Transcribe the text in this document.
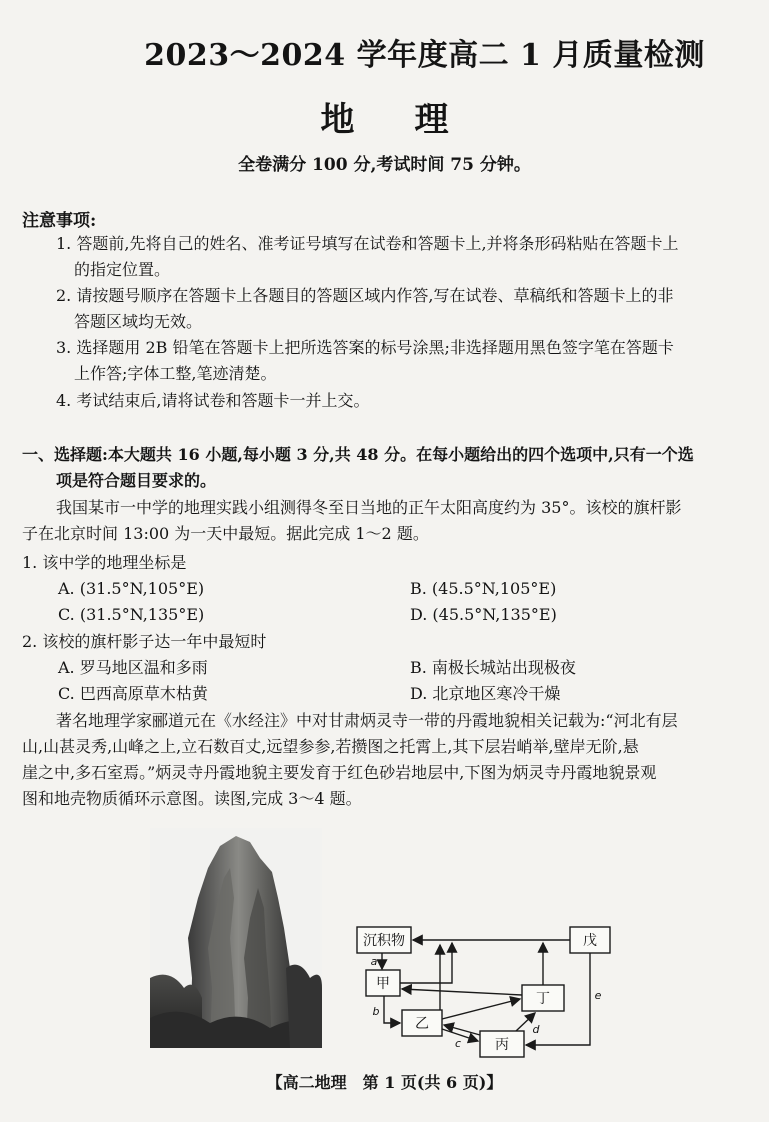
2023～2024 学年度高二 1 月质量检测
地理
全卷满分 100 分,考试时间 75 分钟。
注意事项:
1. 答题前,先将自己的姓名、准考证号填写在试卷和答题卡上,并将条形码粘贴在答题卡上
的指定位置。
2. 请按题号顺序在答题卡上各题目的答题区域内作答,写在试卷、草稿纸和答题卡上的非
答题区域均无效。
3. 选择题用 2B 铅笔在答题卡上把所选答案的标号涂黑;非选择题用黑色签字笔在答题卡
上作答;字体工整,笔迹清楚。
4. 考试结束后,请将试卷和答题卡一并上交。
一、选择题:本大题共 16 小题,每小题 3 分,共 48 分。在每小题给出的四个选项中,只有一个选
项是符合题目要求的。
我国某市一中学的地理实践小组测得冬至日当地的正午太阳高度约为 35°。该校的旗杆影
子在北京时间 13:00 为一天中最短。据此完成 1～2 题。
1. 该中学的地理坐标是
A. (31.5°N,105°E)	B. (45.5°N,105°E)
C. (31.5°N,135°E)	D. (45.5°N,135°E)
2. 该校的旗杆影子达一年中最短时
A. 罗马地区温和多雨	B. 南极长城站出现极夜
C. 巴西高原草木枯黄	D. 北京地区寒冷干燥
著名地理学家郦道元在《水经注》中对甘肃炳灵寺一带的丹霞地貌相关记载为:“河北有层
山,山甚灵秀,山峰之上,立石数百丈,远望参参,若攒图之托霄上,其下层岩峭举,壁岸无阶,悬
崖之中,多石室焉。”炳灵寺丹霞地貌主要发育于红色砂岩地层中,下图为炳灵寺丹霞地貌景观
图和地壳物质循环示意图。读图,完成 3～4 题。
沉积物
甲
乙
丙
丁
戊
a
b
c
d
e
【高二地理　第 1 页(共 6 页)】
